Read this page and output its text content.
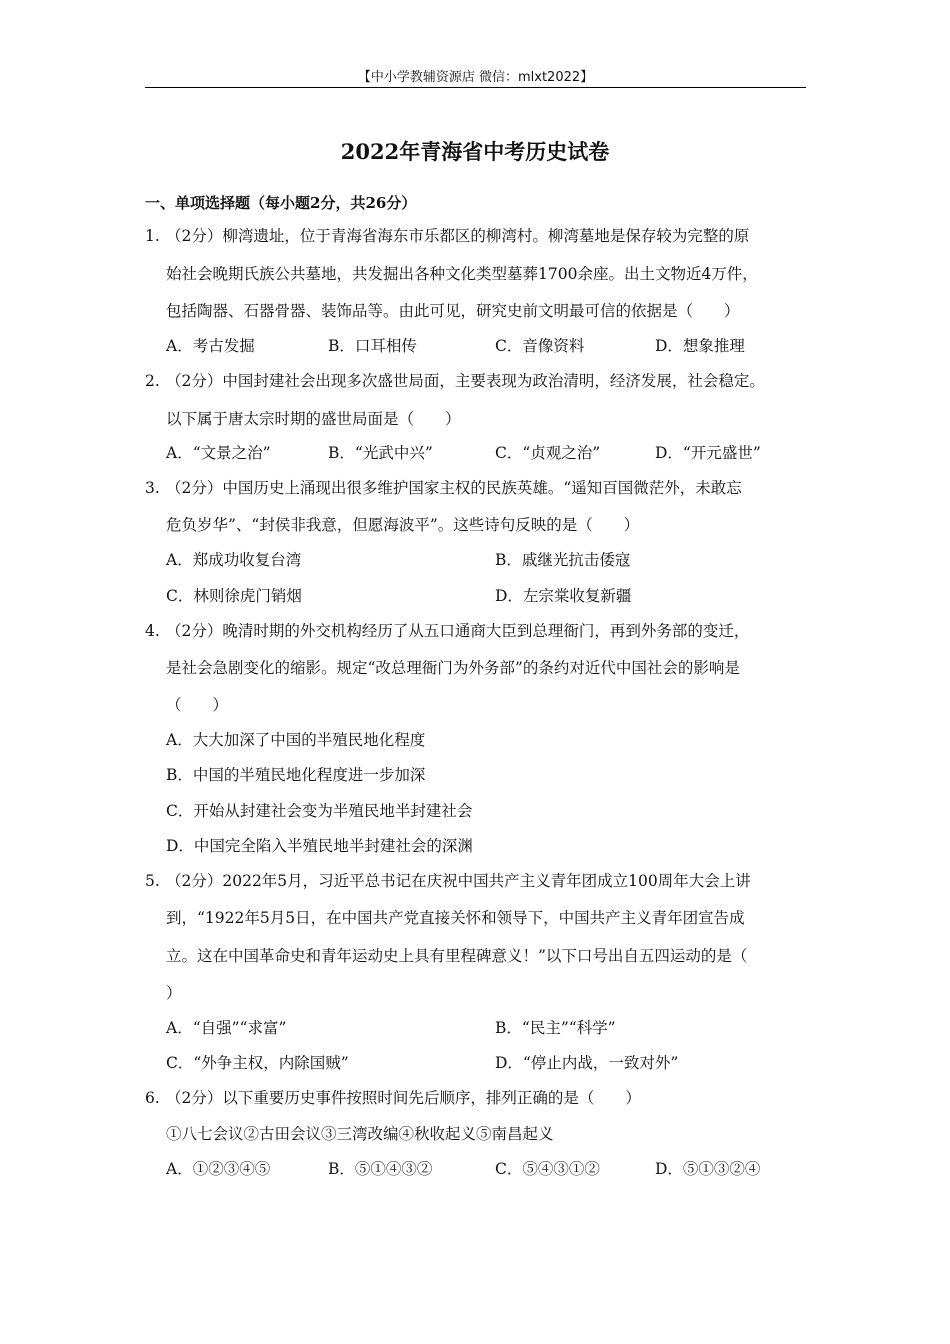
【中小学教辅资源店 微信：mlxt2022】
2022年青海省中考历史试卷
一、单项选择题（每小题2分，共26分）
1. （2分）柳湾遗址，位于青海省海东市乐都区的柳湾村。柳湾墓地是保存较为完整的原
始社会晚期氏族公共墓地，共发掘出各种文化类型墓葬1700余座。出土文物近4万件，
包括陶器、石器骨器、装饰品等。由此可见，研究史前文明最可信的依据是（　　）
A．考古发掘	B．口耳相传	C．音像资料	D．想象推理
2. （2分）中国封建社会出现多次盛世局面，主要表现为政治清明，经济发展，社会稳定。
以下属于唐太宗时期的盛世局面是（　　）
A．“文景之治”	B．“光武中兴”	C．“贞观之治”	D．“开元盛世”
3. （2分）中国历史上涌现出很多维护国家主权的民族英雄。“遥知百国微茫外，未敢忘
危负岁华”、“封侯非我意，但愿海波平”。这些诗句反映的是（　　）
A．郑成功收复台湾	B．戚继光抗击倭寇
C．林则徐虎门销烟	D．左宗棠收复新疆
4. （2分）晚清时期的外交机构经历了从五口通商大臣到总理衙门，再到外务部的变迁，
是社会急剧变化的缩影。规定“改总理衙门为外务部”的条约对近代中国社会的影响是
（　　）
A．大大加深了中国的半殖民地化程度
B．中国的半殖民地化程度进一步加深
C．开始从封建社会变为半殖民地半封建社会
D．中国完全陷入半殖民地半封建社会的深渊
5. （2分）2022年5月，习近平总书记在庆祝中国共产主义青年团成立100周年大会上讲
到，“1922年5月5日，在中国共产党直接关怀和领导下，中国共产主义青年团宣告成
立。这在中国革命史和青年运动史上具有里程碑意义！”以下口号出自五四运动的是（
）
A．“自强”“求富”	B．“民主”“科学”
C．“外争主权，内除国贼”	D．“停止内战，一致对外”
6. （2分）以下重要历史事件按照时间先后顺序，排列正确的是（　　）
①八七会议②古田会议③三湾改编④秋收起义⑤南昌起义
A．①②③④⑤	B．⑤①④③②	C．⑤④③①②	D．⑤①③②④
